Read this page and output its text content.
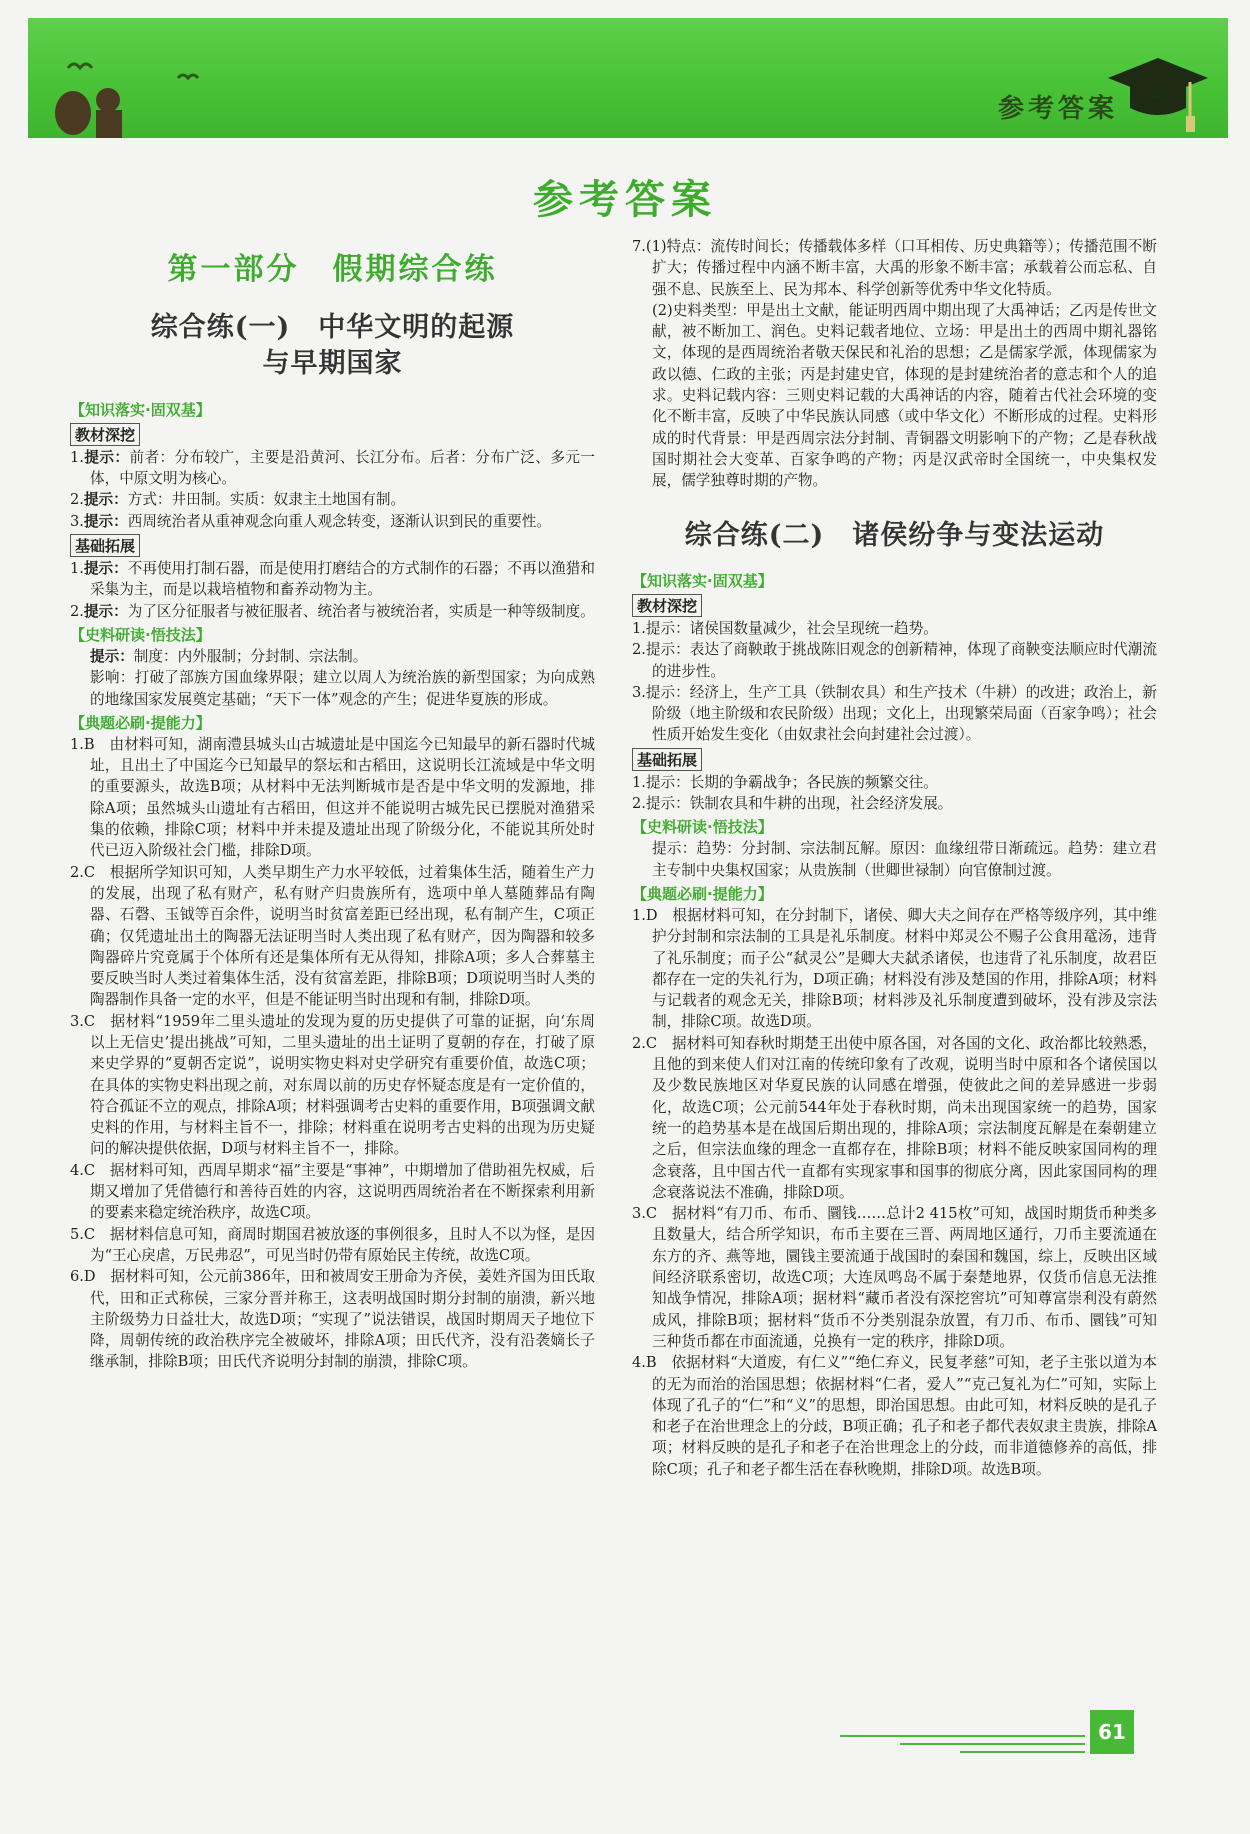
参考答案
参考答案
第一部分　假期综合练
综合练(一)　中华文明的起源
与早期国家
【知识落实·固双基】
教材深挖
1.提示：前者：分布较广，主要是沿黄河、长江分布。后者：分布广泛、多元一体，中原文明为核心。
2.提示：方式：井田制。实质：奴隶主土地国有制。
3.提示：西周统治者从重神观念向重人观念转变，逐渐认识到民的重要性。
基础拓展
1.提示：不再使用打制石器，而是使用打磨结合的方式制作的石器；不再以渔猎和采集为主，而是以栽培植物和畜养动物为主。
2.提示：为了区分征服者与被征服者、统治者与被统治者，实质是一种等级制度。
【史料研读·悟技法】
提示：制度：内外服制；分封制、宗法制。
影响：打破了部族方国血缘界限；建立以周人为统治族的新型国家；为向成熟的地缘国家发展奠定基础；“天下一体”观念的产生；促进华夏族的形成。
【典题必刷·提能力】
1.B　由材料可知，湖南澧县城头山古城遗址是中国迄今已知最早的新石器时代城址，且出土了中国迄今已知最早的祭坛和古稻田，这说明长江流域是中华文明的重要源头，故选B项；从材料中无法判断城市是否是中华文明的发源地，排除A项；虽然城头山遗址有古稻田，但这并不能说明古城先民已摆脱对渔猎采集的依赖，排除C项；材料中并未提及遗址出现了阶级分化，不能说其所处时代已迈入阶级社会门槛，排除D项。
2.C　根据所学知识可知，人类早期生产力水平较低，过着集体生活，随着生产力的发展，出现了私有财产，私有财产归贵族所有，选项中单人墓随葬品有陶器、石磬、玉钺等百余件，说明当时贫富差距已经出现，私有制产生，C项正确；仅凭遗址出土的陶器无法证明当时人类出现了私有财产，因为陶器和较多陶器碎片究竟属于个体所有还是集体所有无从得知，排除A项；多人合葬墓主要反映当时人类过着集体生活，没有贫富差距，排除B项；D项说明当时人类的陶器制作具备一定的水平，但是不能证明当时出现和有制，排除D项。
3.C　据材料“1959年二里头遗址的发现为夏的历史提供了可靠的证据，向‘东周以上无信史’提出挑战”可知，二里头遗址的出土证明了夏朝的存在，打破了原来史学界的“夏朝否定说”，说明实物史料对史学研究有重要价值，故选C项；在具体的实物史料出现之前，对东周以前的历史存怀疑态度是有一定价值的，符合孤证不立的观点，排除A项；材料强调考古史料的重要作用，B项强调文献史料的作用，与材料主旨不一，排除；材料重在说明考古史料的出现为历史疑问的解决提供依据，D项与材料主旨不一，排除。
4.C　据材料可知，西周早期求“福”主要是“事神”，中期增加了借助祖先权威，后期又增加了凭借德行和善待百姓的内容，这说明西周统治者在不断探索利用新的要素来稳定统治秩序，故选C项。
5.C　据材料信息可知，商周时期国君被放逐的事例很多，且时人不以为怪，是因为“王心戾虐，万民弗忍”，可见当时仍带有原始民主传统，故选C项。
6.D　据材料可知，公元前386年，田和被周安王册命为齐侯，姜姓齐国为田氏取代，田和正式称侯，三家分晋并称王，这表明战国时期分封制的崩溃，新兴地主阶级势力日益壮大，故选D项；“实现了”说法错误，战国时期周天子地位下降，周朝传统的政治秩序完全被破坏，排除A项；田氏代齐，没有沿袭嫡长子继承制，排除B项；田氏代齐说明分封制的崩溃，排除C项。
7.(1)特点：流传时间长；传播载体多样（口耳相传、历史典籍等）；传播范围不断扩大；传播过程中内涵不断丰富，大禹的形象不断丰富；承载着公而忘私、自强不息、民族至上、民为邦本、科学创新等优秀中华文化特质。
(2)史料类型：甲是出土文献，能证明西周中期出现了大禹神话；乙丙是传世文献，被不断加工、润色。史料记载者地位、立场：甲是出土的西周中期礼器铭文，体现的是西周统治者敬天保民和礼治的思想；乙是儒家学派，体现儒家为政以德、仁政的主张；丙是封建史官，体现的是封建统治者的意志和个人的追求。史料记载内容：三则史料记载的大禹神话的内容，随着古代社会环境的变化不断丰富，反映了中华民族认同感（或中华文化）不断形成的过程。史料形成的时代背景：甲是西周宗法分封制、青铜器文明影响下的产物；乙是春秋战国时期社会大变革、百家争鸣的产物；丙是汉武帝时全国统一，中央集权发展，儒学独尊时期的产物。
综合练(二)　诸侯纷争与变法运动
【知识落实·固双基】
教材深挖
1.提示：诸侯国数量减少，社会呈现统一趋势。
2.提示：表达了商鞅敢于挑战陈旧观念的创新精神，体现了商鞅变法顺应时代潮流的进步性。
3.提示：经济上，生产工具（铁制农具）和生产技术（牛耕）的改进；政治上，新阶级（地主阶级和农民阶级）出现；文化上，出现繁荣局面（百家争鸣）；社会性质开始发生变化（由奴隶社会向封建社会过渡）。
基础拓展
1.提示：长期的争霸战争；各民族的频繁交往。
2.提示：铁制农具和牛耕的出现，社会经济发展。
【史料研读·悟技法】
提示：趋势：分封制、宗法制瓦解。原因：血缘纽带日渐疏远。趋势：建立君主专制中央集权国家；从贵族制（世卿世禄制）向官僚制过渡。
【典题必刷·提能力】
1.D　根据材料可知，在分封制下，诸侯、卿大夫之间存在严格等级序列，其中维护分封制和宗法制的工具是礼乐制度。材料中郑灵公不赐子公食用鼋汤，违背了礼乐制度；而子公“弑灵公”是卿大夫弑杀诸侯，也违背了礼乐制度，故君臣都存在一定的失礼行为，D项正确；材料没有涉及楚国的作用，排除A项；材料与记载者的观念无关，排除B项；材料涉及礼乐制度遭到破坏，没有涉及宗法制，排除C项。故选D项。
2.C　据材料可知春秋时期楚王出使中原各国，对各国的文化、政治都比较熟悉，且他的到来使人们对江南的传统印象有了改观，说明当时中原和各个诸侯国以及少数民族地区对华夏民族的认同感在增强，使彼此之间的差异感进一步弱化，故选C项；公元前544年处于春秋时期，尚未出现国家统一的趋势，国家统一的趋势基本是在战国后期出现的，排除A项；宗法制度瓦解是在秦朝建立之后，但宗法血缘的理念一直都存在，排除B项；材料不能反映家国同构的理念衰落，且中国古代一直都有实现家事和国事的彻底分离，因此家国同构的理念衰落说法不准确，排除D项。
3.C　据材料“有刀币、布币、圜钱……总计2 415枚”可知，战国时期货币种类多且数量大，结合所学知识，布币主要在三晋、两周地区通行，刀币主要流通在东方的齐、燕等地，圜钱主要流通于战国时的秦国和魏国，综上，反映出区域间经济联系密切，故选C项；大连凤鸣岛不属于秦楚地界，仅货币信息无法推知战争情况，排除A项；据材料“藏币者没有深挖窖坑”可知尊富崇利没有蔚然成风，排除B项；据材料“货币不分类别混杂放置，有刀币、布币、圜钱”可知三种货币都在市面流通，兑换有一定的秩序，排除D项。
4.B　依据材料“大道废，有仁义”“绝仁弃义，民复孝慈”可知，老子主张以道为本的无为而治的治国思想；依据材料“仁者，爱人”“克己复礼为仁”可知，实际上体现了孔子的“仁”和“义”的思想，即治国思想。由此可知，材料反映的是孔子和老子在治世理念上的分歧，B项正确；孔子和老子都代表奴隶主贵族，排除A项；材料反映的是孔子和老子在治世理念上的分歧，而非道德修养的高低，排除C项；孔子和老子都生活在春秋晚期，排除D项。故选B项。
61
